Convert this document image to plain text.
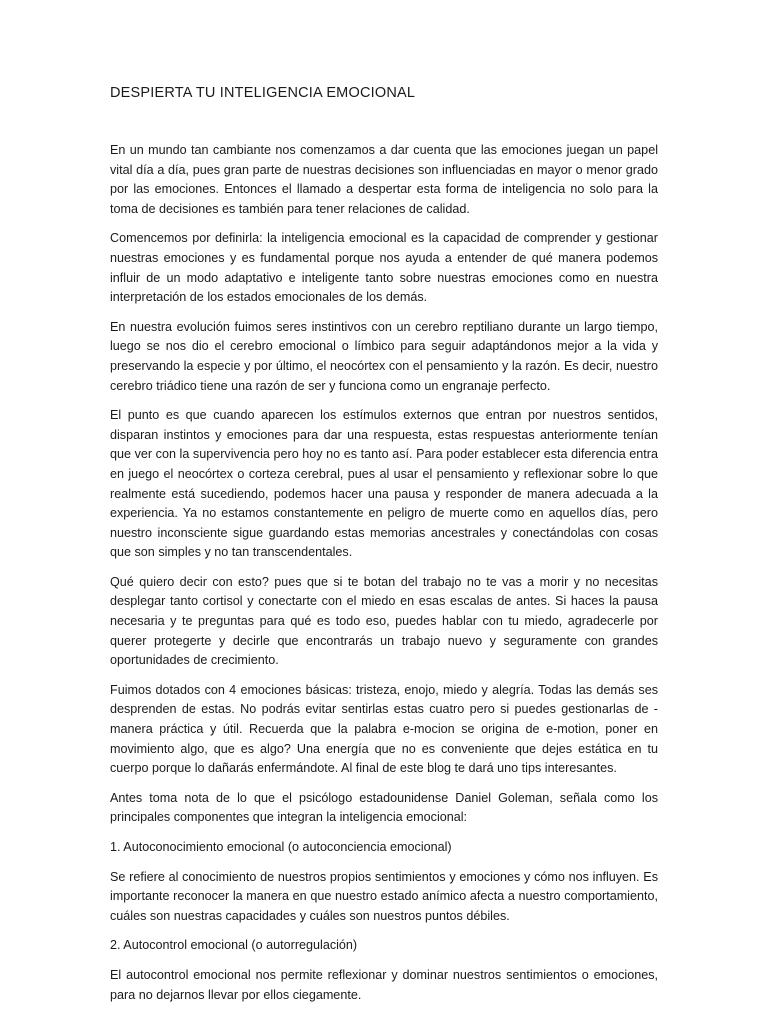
DESPIERTA TU INTELIGENCIA EMOCIONAL

En un mundo tan cambiante nos comenzamos a dar cuenta que las emociones juegan un papel vital día a día, pues gran parte de nuestras decisiones son influenciadas en mayor o menor grado por las emociones. Entonces el llamado a despertar esta forma de inteligencia no solo para la toma de decisiones es también para tener relaciones de calidad.

Comencemos por definirla: la inteligencia emocional es la capacidad de comprender y gestionar nuestras emociones y es fundamental porque nos ayuda a entender de qué manera podemos influir de un modo adaptativo e inteligente tanto sobre nuestras emociones como en nuestra interpretación de los estados emocionales de los demás.

En nuestra evolución fuimos seres instintivos con un cerebro reptiliano durante un largo tiempo, luego se nos dio el cerebro emocional o límbico para seguir adaptándonos mejor a la vida y preservando la especie y por último, el neocórtex con el pensamiento y la razón. Es decir, nuestro cerebro triádico tiene una razón de ser y funciona como un engranaje perfecto.

El punto es que cuando aparecen los estímulos externos que entran por nuestros sentidos, disparan instintos y emociones para dar una respuesta, estas respuestas anteriormente tenían que ver con la supervivencia pero hoy no es tanto así. Para poder establecer esta diferencia entra en juego el neocórtex o corteza cerebral, pues al usar el pensamiento y reflexionar sobre lo que realmente está sucediendo, podemos hacer una pausa y responder de manera adecuada a la experiencia. Ya no estamos constantemente en peligro de muerte como en aquellos días, pero nuestro inconsciente sigue guardando estas memorias ancestrales y conectándolas con cosas que son simples y no tan transcendentales.

Qué quiero decir con esto? pues que si te botan del trabajo no te vas a morir y no necesitas desplegar tanto cortisol y conectarte con el miedo en esas escalas de antes. Si haces la pausa necesaria y te preguntas para qué es todo eso, puedes hablar con tu miedo, agradecerle por querer protegerte y decirle que encontrarás un trabajo nuevo y seguramente con grandes oportunidades de crecimiento.

Fuimos dotados con 4 emociones básicas: tristeza, enojo, miedo y alegría. Todas las demás ses desprenden de estas. No podrás evitar sentirlas estas cuatro pero si puedes gestionarlas de -manera práctica y útil. Recuerda que la palabra e-mocion se origina de e-motion, poner en movimiento algo, que es algo? Una energía que no es conveniente que dejes estática en tu cuerpo porque lo dañarás enfermándote. Al final de este blog te dará uno tips interesantes.

Antes toma nota de lo que el psicólogo estadounidense Daniel Goleman, señala como los principales componentes que integran la inteligencia emocional:

1. Autoconocimiento emocional (o autoconciencia emocional)

Se refiere al conocimiento de nuestros propios sentimientos y emociones y cómo nos influyen. Es importante reconocer la manera en que nuestro estado anímico afecta a nuestro comportamiento, cuáles son nuestras capacidades y cuáles son nuestros puntos débiles.

2. Autocontrol emocional (o autorregulación)

El autocontrol emocional nos permite reflexionar y dominar nuestros sentimientos o emociones, para no dejarnos llevar por ellos ciegamente.
